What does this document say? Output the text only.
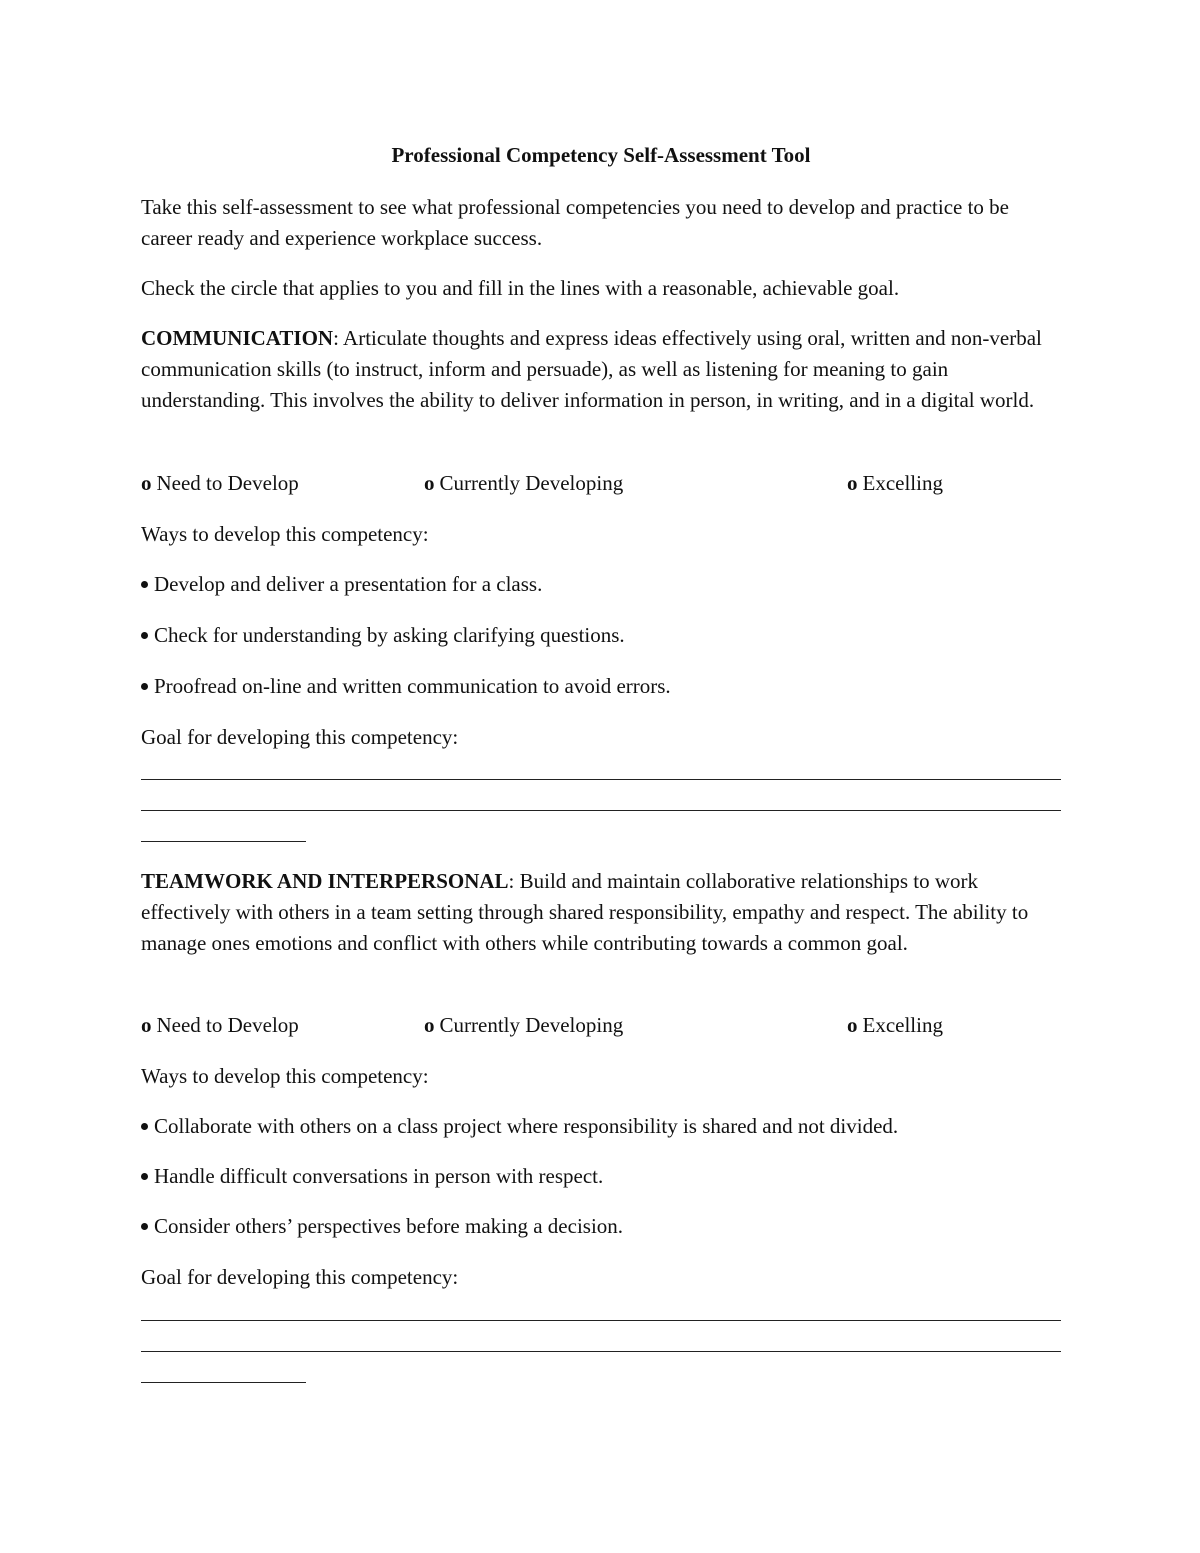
Professional Competency Self-Assessment Tool
Take this self-assessment to see what professional competencies you need to develop and practice to be career ready and experience workplace success.
Check the circle that applies to you and fill in the lines with a reasonable, achievable goal.
COMMUNICATION: Articulate thoughts and express ideas effectively using oral, written and non-verbal communication skills (to instruct, inform and persuade), as well as listening for meaning to gain understanding. This involves the ability to deliver information in person, in writing, and in a digital world.
o Need to Develop	o Currently Developing	o Excelling
Ways to develop this competency:
Develop and deliver a presentation for a class.
Check for understanding by asking clarifying questions.
Proofread on-line and written communication to avoid errors.
Goal for developing this competency:
TEAMWORK AND INTERPERSONAL: Build and maintain collaborative relationships to work effectively with others in a team setting through shared responsibility, empathy and respect. The ability to manage ones emotions and conflict with others while contributing towards a common goal.
o Need to Develop	o Currently Developing	o Excelling
Ways to develop this competency:
Collaborate with others on a class project where responsibility is shared and not divided.
Handle difficult conversations in person with respect.
Consider others’ perspectives before making a decision.
Goal for developing this competency:
